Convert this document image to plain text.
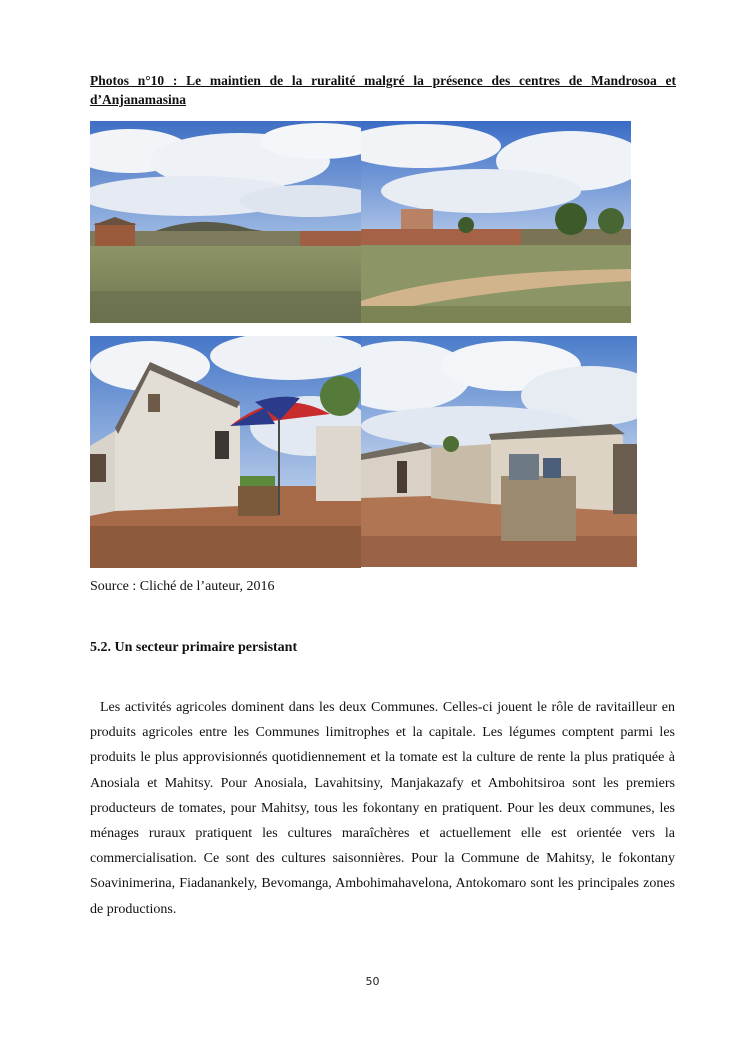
Photos n°10 : Le maintien de la ruralité malgré la présence des centres de Mandrosoa et d’Anjanamasina
Source : Cliché de l’auteur, 2016
5.2. Un secteur primaire persistant

Les activités agricoles dominent dans les deux Communes. Celles-ci jouent le rôle de ravitailleur en produits agricoles entre les Communes limitrophes et la capitale. Les légumes comptent parmi les produits le plus approvisionnés quotidiennement et la tomate est la culture de rente la plus pratiquée à Anosiala et Mahitsy. Pour Anosiala, Lavahitsiny, Manjakazafy et Ambohitsiroa sont les premiers producteurs de tomates, pour Mahitsy, tous les fokontany en pratiquent. Pour les deux communes, les ménages ruraux pratiquent les cultures maraîchères et actuellement elle est orientée vers la commercialisation. Ce sont des cultures saisonnières. Pour la Commune de Mahitsy, le fokontany Soavinimerina, Fiadanankely, Bevomanga, Ambohimahavelona, Antokomaro sont les principales zones de productions.

50
